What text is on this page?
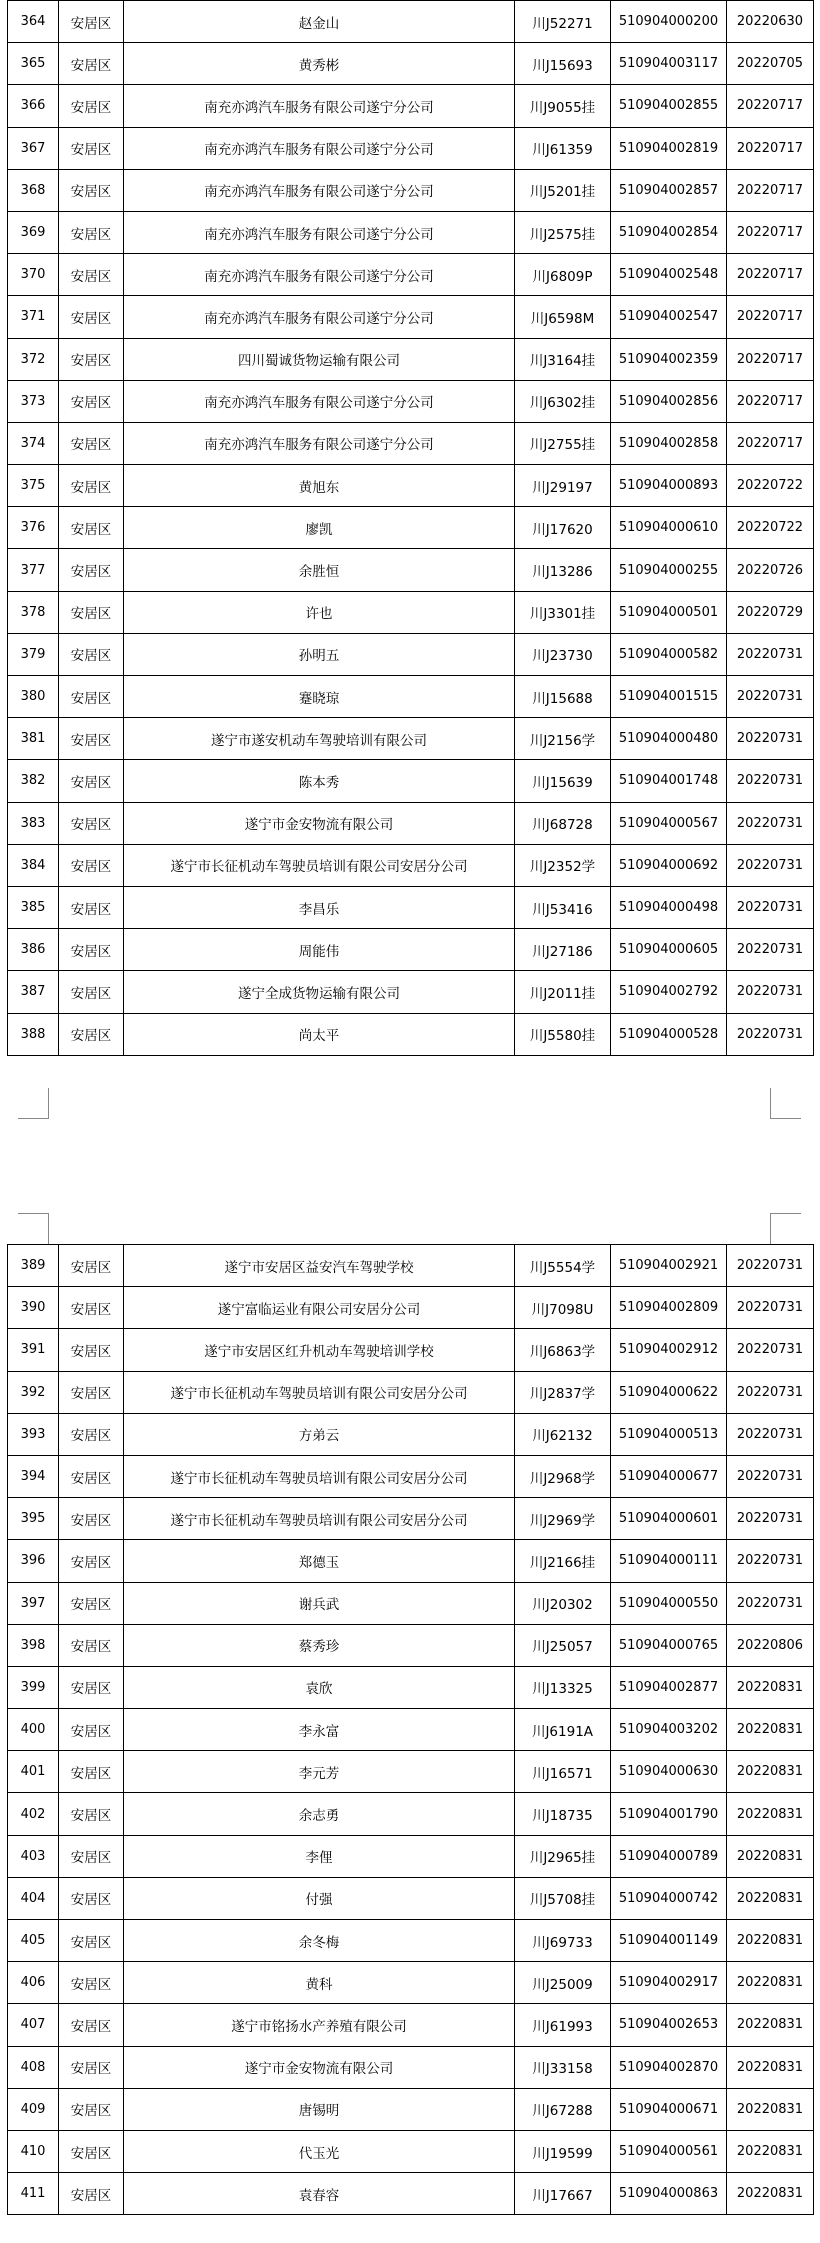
364	安居区	赵金山	川J52271	510904000200	20220630
365	安居区	黄秀彬	川J15693	510904003117	20220705
366	安居区	南充亦鸿汽车服务有限公司遂宁分公司	川J9055挂	510904002855	20220717
367	安居区	南充亦鸿汽车服务有限公司遂宁分公司	川J61359	510904002819	20220717
368	安居区	南充亦鸿汽车服务有限公司遂宁分公司	川J5201挂	510904002857	20220717
369	安居区	南充亦鸿汽车服务有限公司遂宁分公司	川J2575挂	510904002854	20220717
370	安居区	南充亦鸿汽车服务有限公司遂宁分公司	川J6809P	510904002548	20220717
371	安居区	南充亦鸿汽车服务有限公司遂宁分公司	川J6598M	510904002547	20220717
372	安居区	四川蜀诚货物运输有限公司	川J3164挂	510904002359	20220717
373	安居区	南充亦鸿汽车服务有限公司遂宁分公司	川J6302挂	510904002856	20220717
374	安居区	南充亦鸿汽车服务有限公司遂宁分公司	川J2755挂	510904002858	20220717
375	安居区	黄旭东	川J29197	510904000893	20220722
376	安居区	廖凯	川J17620	510904000610	20220722
377	安居区	余胜恒	川J13286	510904000255	20220726
378	安居区	许也	川J3301挂	510904000501	20220729
379	安居区	孙明五	川J23730	510904000582	20220731
380	安居区	蹇晓琼	川J15688	510904001515	20220731
381	安居区	遂宁市遂安机动车驾驶培训有限公司	川J2156学	510904000480	20220731
382	安居区	陈本秀	川J15639	510904001748	20220731
383	安居区	遂宁市金安物流有限公司	川J68728	510904000567	20220731
384	安居区	遂宁市长征机动车驾驶员培训有限公司安居分公司	川J2352学	510904000692	20220731
385	安居区	李昌乐	川J53416	510904000498	20220731
386	安居区	周能伟	川J27186	510904000605	20220731
387	安居区	遂宁全成货物运输有限公司	川J2011挂	510904002792	20220731
388	安居区	尚太平	川J5580挂	510904000528	20220731
389	安居区	遂宁市安居区益安汽车驾驶学校	川J5554学	510904002921	20220731
390	安居区	遂宁富临运业有限公司安居分公司	川J7098U	510904002809	20220731
391	安居区	遂宁市安居区红升机动车驾驶培训学校	川J6863学	510904002912	20220731
392	安居区	遂宁市长征机动车驾驶员培训有限公司安居分公司	川J2837学	510904000622	20220731
393	安居区	方弟云	川J62132	510904000513	20220731
394	安居区	遂宁市长征机动车驾驶员培训有限公司安居分公司	川J2968学	510904000677	20220731
395	安居区	遂宁市长征机动车驾驶员培训有限公司安居分公司	川J2969学	510904000601	20220731
396	安居区	郑德玉	川J2166挂	510904000111	20220731
397	安居区	谢兵武	川J20302	510904000550	20220731
398	安居区	蔡秀珍	川J25057	510904000765	20220806
399	安居区	袁欣	川J13325	510904002877	20220831
400	安居区	李永富	川J6191A	510904003202	20220831
401	安居区	李元芳	川J16571	510904000630	20220831
402	安居区	余志勇	川J18735	510904001790	20220831
403	安居区	李俚	川J2965挂	510904000789	20220831
404	安居区	付强	川J5708挂	510904000742	20220831
405	安居区	余冬梅	川J69733	510904001149	20220831
406	安居区	黄科	川J25009	510904002917	20220831
407	安居区	遂宁市铭扬水产养殖有限公司	川J61993	510904002653	20220831
408	安居区	遂宁市金安物流有限公司	川J33158	510904002870	20220831
409	安居区	唐锡明	川J67288	510904000671	20220831
410	安居区	代玉光	川J19599	510904000561	20220831
411	安居区	袁春容	川J17667	510904000863	20220831
